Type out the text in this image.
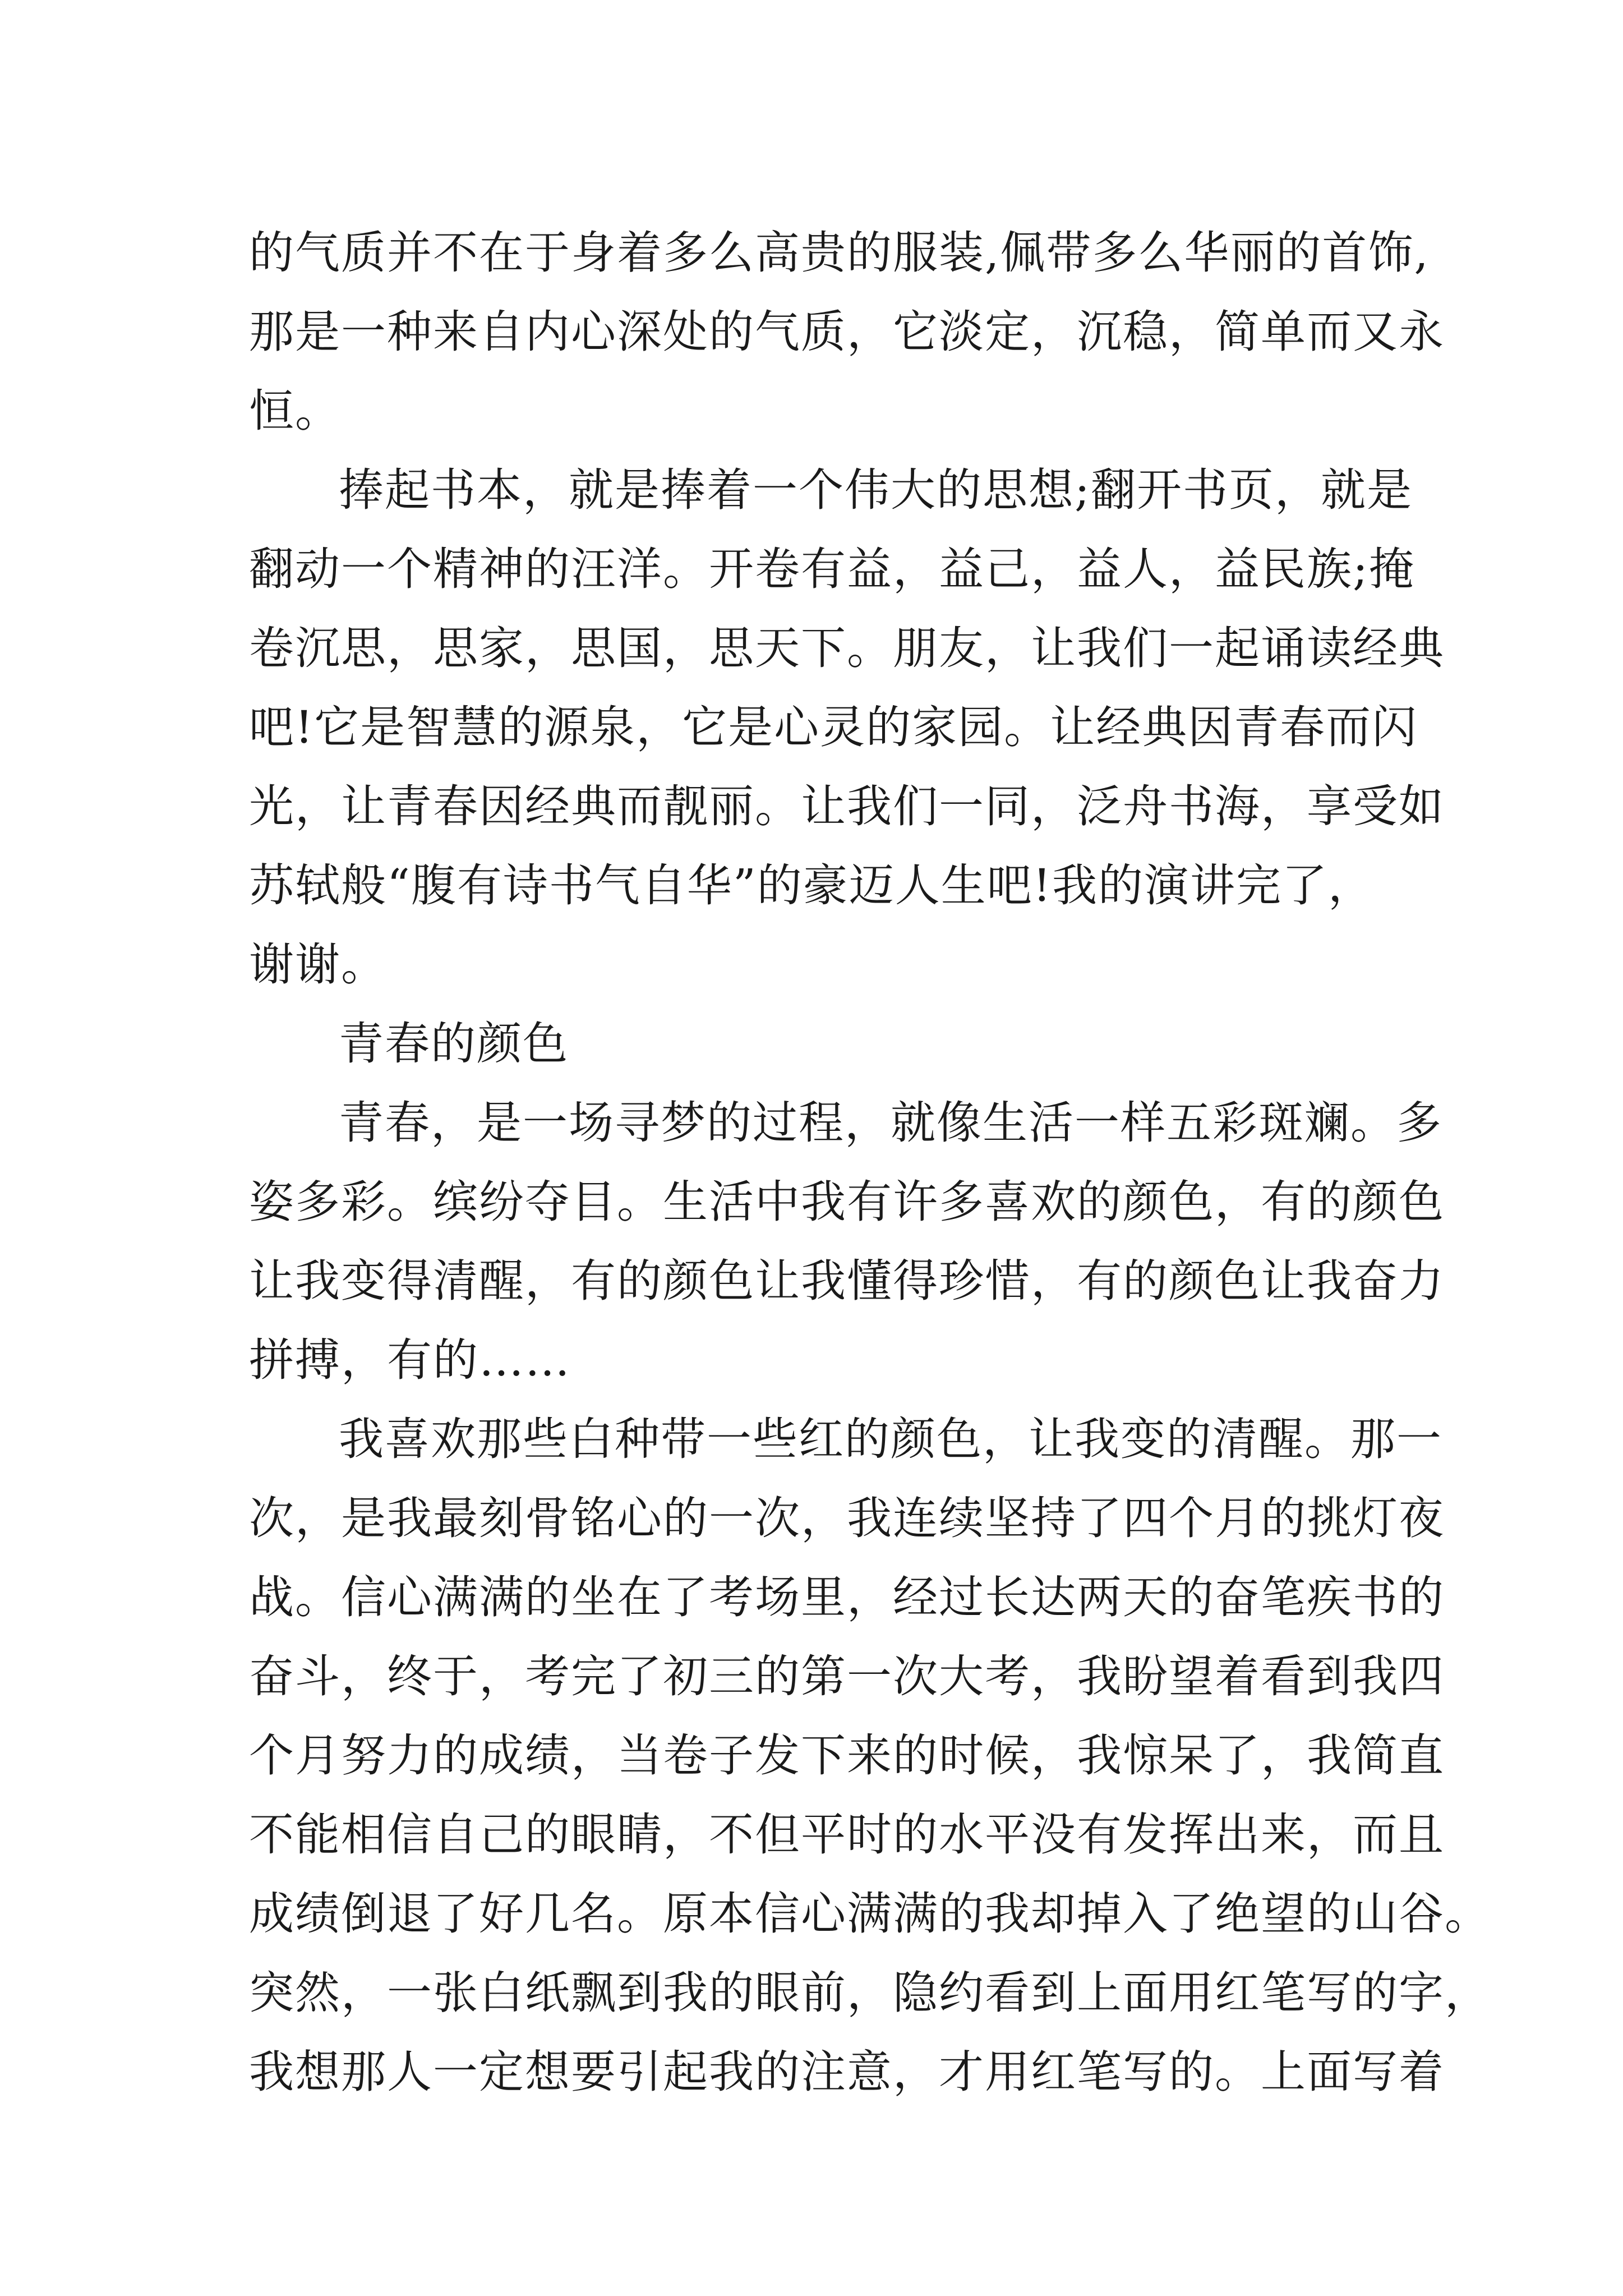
的气质并不在于身着多么高贵的服装,佩带多么华丽的首饰,
那是一种来自内心深处的气质，它淡定，沉稳，简单而又永
恒。
捧起书本，就是捧着一个伟大的思想;翻开书页，就是
翻动一个精神的汪洋。开卷有益，益己，益人，益民族;掩
卷沉思，思家，思国，思天下。朋友，让我们一起诵读经典
吧!它是智慧的源泉，它是心灵的家园。让经典因青春而闪
光，让青春因经典而靓丽。让我们一同，泛舟书海，享受如
苏轼般“腹有诗书气自华”的豪迈人生吧!我的演讲完了，
谢谢。
青春的颜色
青春，是一场寻梦的过程，就像生活一样五彩斑斓。多
姿多彩。缤纷夺目。生活中我有许多喜欢的颜色，有的颜色
让我变得清醒，有的颜色让我懂得珍惜，有的颜色让我奋力
拼搏，有的……
我喜欢那些白种带一些红的颜色，让我变的清醒。那一
次，是我最刻骨铭心的一次，我连续坚持了四个月的挑灯夜
战。信心满满的坐在了考场里，经过长达两天的奋笔疾书的
奋斗，终于，考完了初三的第一次大考，我盼望着看到我四
个月努力的成绩，当卷子发下来的时候，我惊呆了，我简直
不能相信自己的眼睛，不但平时的水平没有发挥出来，而且
成绩倒退了好几名。原本信心满满的我却掉入了绝望的山谷。
突然，一张白纸飘到我的眼前，隐约看到上面用红笔写的字，
我想那人一定想要引起我的注意，才用红笔写的。上面写着
